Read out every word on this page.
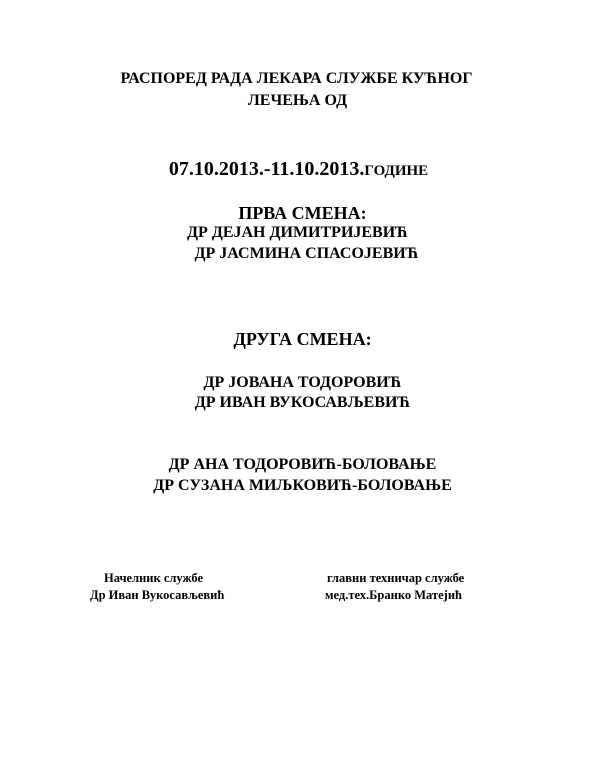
РАСПОРЕД РАДА ЛЕКАРА СЛУЖБЕ КУЋНОГ
ЛЕЧЕЊА ОД
07.10.2013.-11.10.2013.ГОДИНЕ
ПРВА СМЕНА:
ДР ДЕЈАН ДИМИТРИЈЕВИЋ
ДР ЈАСМИНА СПАСОЈЕВИЋ
ДРУГА СМЕНА:
ДР ЈОВАНА ТОДОРОВИЋ
ДР ИВАН ВУКОСАВЉЕВИЋ
ДР АНА ТОДОРОВИЋ-БОЛОВАЊЕ
ДР СУЗАНА МИЉКОВИЋ-БОЛОВАЊЕ
Начелник службе
Др Иван Вукосављевић
главни техничар службе
мед.тех.Бранко Матејић
